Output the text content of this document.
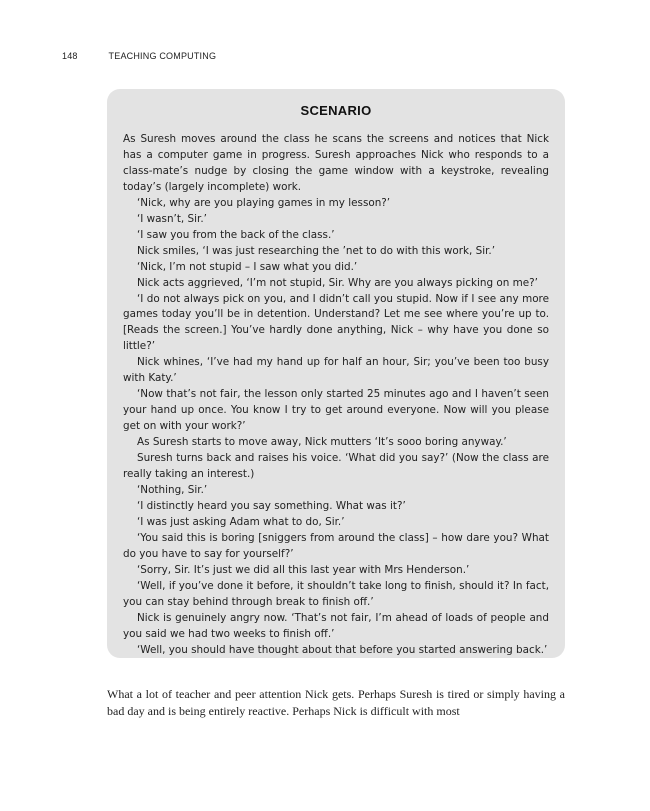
148	TEACHING COMPUTING
SCENARIO

As Suresh moves around the class he scans the screens and notices that Nick has a computer game in progress. Suresh approaches Nick who responds to a class-mate’s nudge by closing the game window with a keystroke, revealing today’s (largely incomplete) work.

‘Nick, why are you playing games in my lesson?’

‘I wasn’t, Sir.’

‘I saw you from the back of the class.’

Nick smiles, ‘I was just researching the ’net to do with this work, Sir.’

‘Nick, I’m not stupid – I saw what you did.’

Nick acts aggrieved, ‘I’m not stupid, Sir. Why are you always picking on me?’

‘I do not always pick on you, and I didn’t call you stupid. Now if I see any more games today you’ll be in detention. Understand? Let me see where you’re up to. [Reads the screen.] You’ve hardly done anything, Nick – why have you done so little?’

Nick whines, ‘I’ve had my hand up for half an hour, Sir; you’ve been too busy with Katy.’

‘Now that’s not fair, the lesson only started 25 minutes ago and I haven’t seen your hand up once. You know I try to get around everyone. Now will you please get on with your work?’

As Suresh starts to move away, Nick mutters ‘It’s sooo boring anyway.’

Suresh turns back and raises his voice. ‘What did you say?’ (Now the class are really taking an interest.)

‘Nothing, Sir.’

‘I distinctly heard you say something. What was it?’

‘I was just asking Adam what to do, Sir.’

‘You said this is boring [sniggers from around the class] – how dare you? What do you have to say for yourself?’

‘Sorry, Sir. It’s just we did all this last year with Mrs Henderson.’

‘Well, if you’ve done it before, it shouldn’t take long to finish, should it? In fact, you can stay behind through break to finish off.’

Nick is genuinely angry now. ‘That’s not fair, I’m ahead of loads of people and you said we had two weeks to finish off.’

‘Well, you should have thought about that before you started answering back.’

What a lot of teacher and peer attention Nick gets. Perhaps Suresh is tired or simply having a bad day and is being entirely reactive. Perhaps Nick is difficult with most
